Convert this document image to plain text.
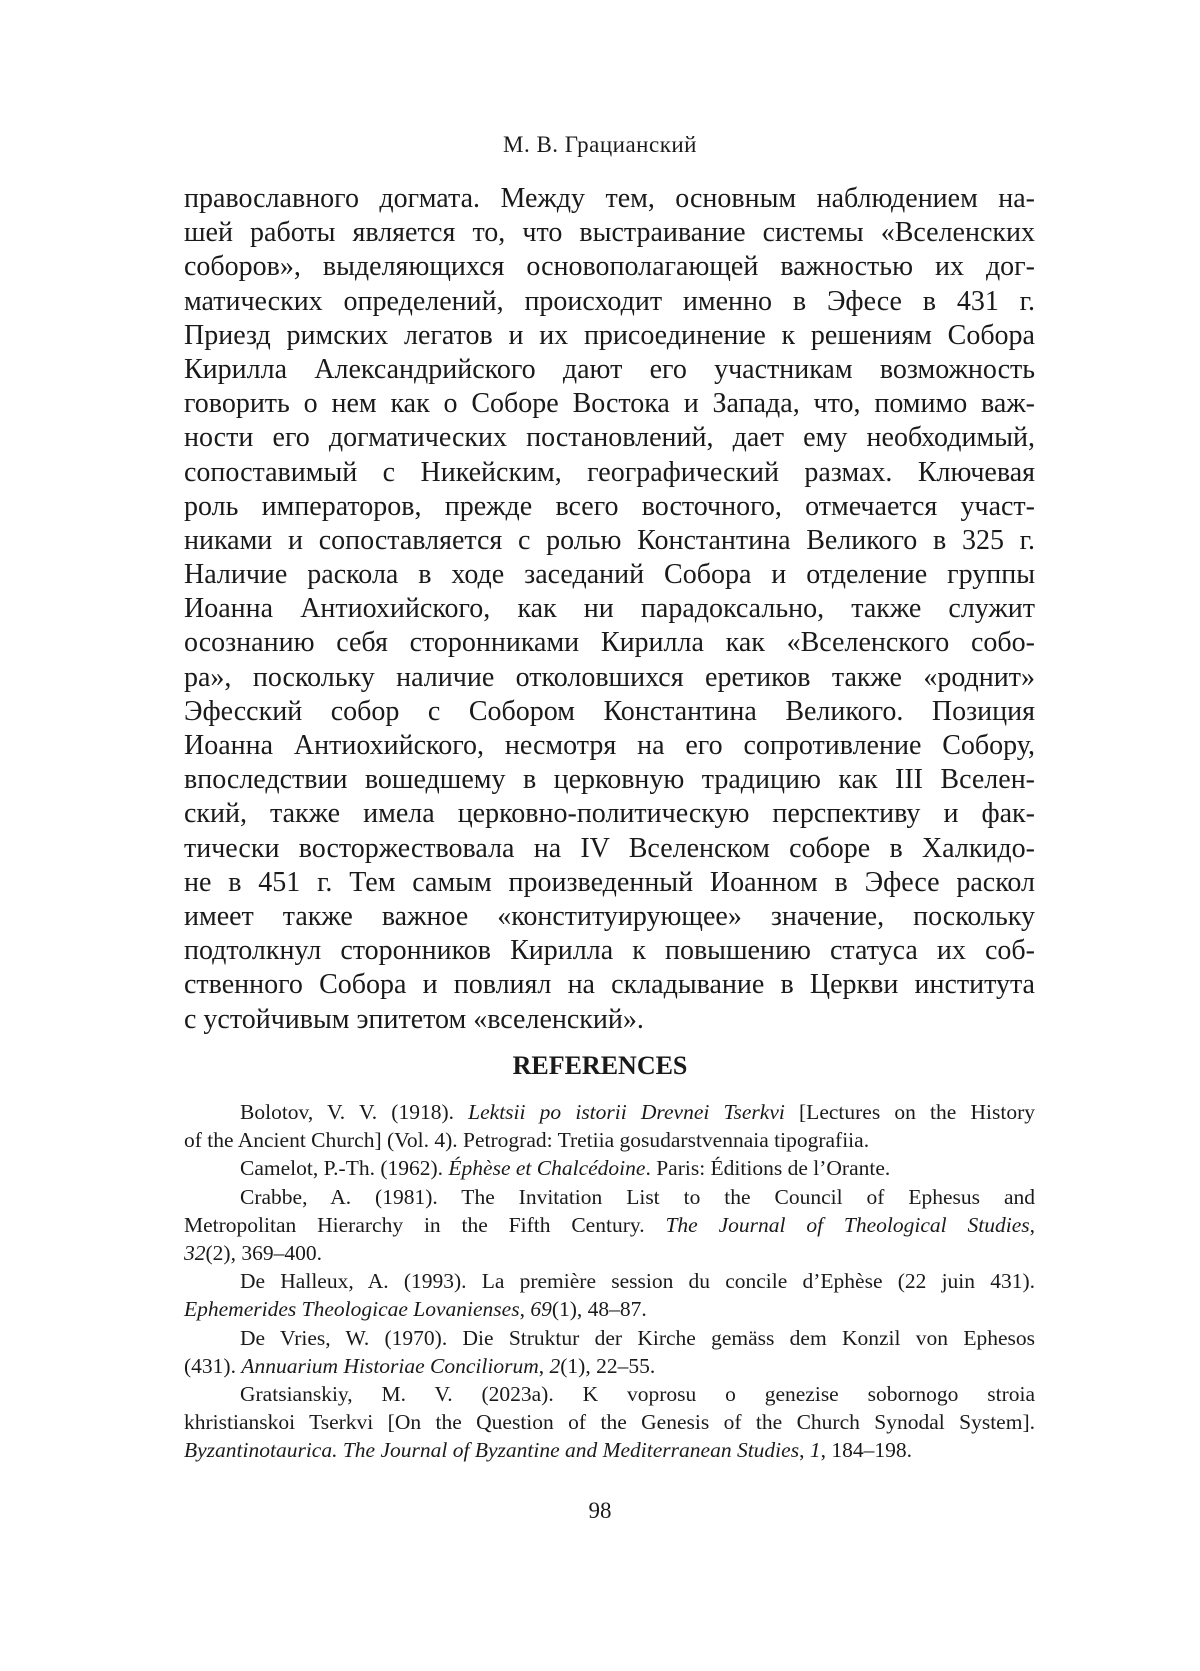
М. В. Грацианский
православного догмата. Между тем, основным наблюдением на-
шей работы является то, что выстраивание системы «Вселенских
соборов», выделяющихся основополагающей важностью их дог-
матических определений, происходит именно в Эфесе в 431 г.
Приезд римских легатов и их присоединение к решениям Собора
Кирилла Александрийского дают его участникам возможность
говорить о нем как о Соборе Востока и Запада, что, помимо важ-
ности его догматических постановлений, дает ему необходимый,
сопоставимый с Никейским, географический размах. Ключевая
роль императоров, прежде всего восточного, отмечается участ-
никами и сопоставляется с ролью Константина Великого в 325 г.
Наличие раскола в ходе заседаний Собора и отделение группы
Иоанна Антиохийского, как ни парадоксально, также служит
осознанию себя сторонниками Кирилла как «Вселенского собо-
ра», поскольку наличие отколовшихся еретиков также «роднит»
Эфесский собор с Собором Константина Великого. Позиция
Иоанна Антиохийского, несмотря на его сопротивление Собору,
впоследствии вошедшему в церковную традицию как III Вселен-
ский, также имела церковно-политическую перспективу и фак-
тически восторжествовала на IV Вселенском соборе в Халкидо-
не в 451 г. Тем самым произведенный Иоанном в Эфесе раскол
имеет также важное «конституирующее» значение, поскольку
подтолкнул сторонников Кирилла к повышению статуса их соб-
ственного Собора и повлиял на складывание в Церкви института
с устойчивым эпитетом «вселенский».
REFERENCES
Bolotov, V. V. (1918). Lektsii po istorii Drevnei Tserkvi [Lectures on the History
of the Ancient Church] (Vol. 4). Petrograd: Tretiia gosudarstvennaia tipografiia.
Camelot, P.-Th. (1962). Éphèse et Chalcédoine. Paris: Éditions de l’Orante.
Crabbe, A. (1981). The Invitation List to the Council of Ephesus and
Metropolitan Hierarchy in the Fifth Century. The Journal of Theological Studies,
32(2), 369–400.
De Halleux, A. (1993). La première session du concile d’Ephèse (22 juin 431).
Ephemerides Theologicae Lovanienses, 69(1), 48–87.
De Vries, W. (1970). Die Struktur der Kirche gemäss dem Konzil von Ephesos
(431). Annuarium Historiae Conciliorum, 2(1), 22–55.
Gratsianskiy, M. V. (2023a). K voprosu o genezise sobornogo stroia
khristianskoi Tserkvi [On the Question of the Genesis of the Church Synodal System].
Byzantinotaurica. The Journal of Byzantine and Mediterranean Studies, 1, 184–198.
98
